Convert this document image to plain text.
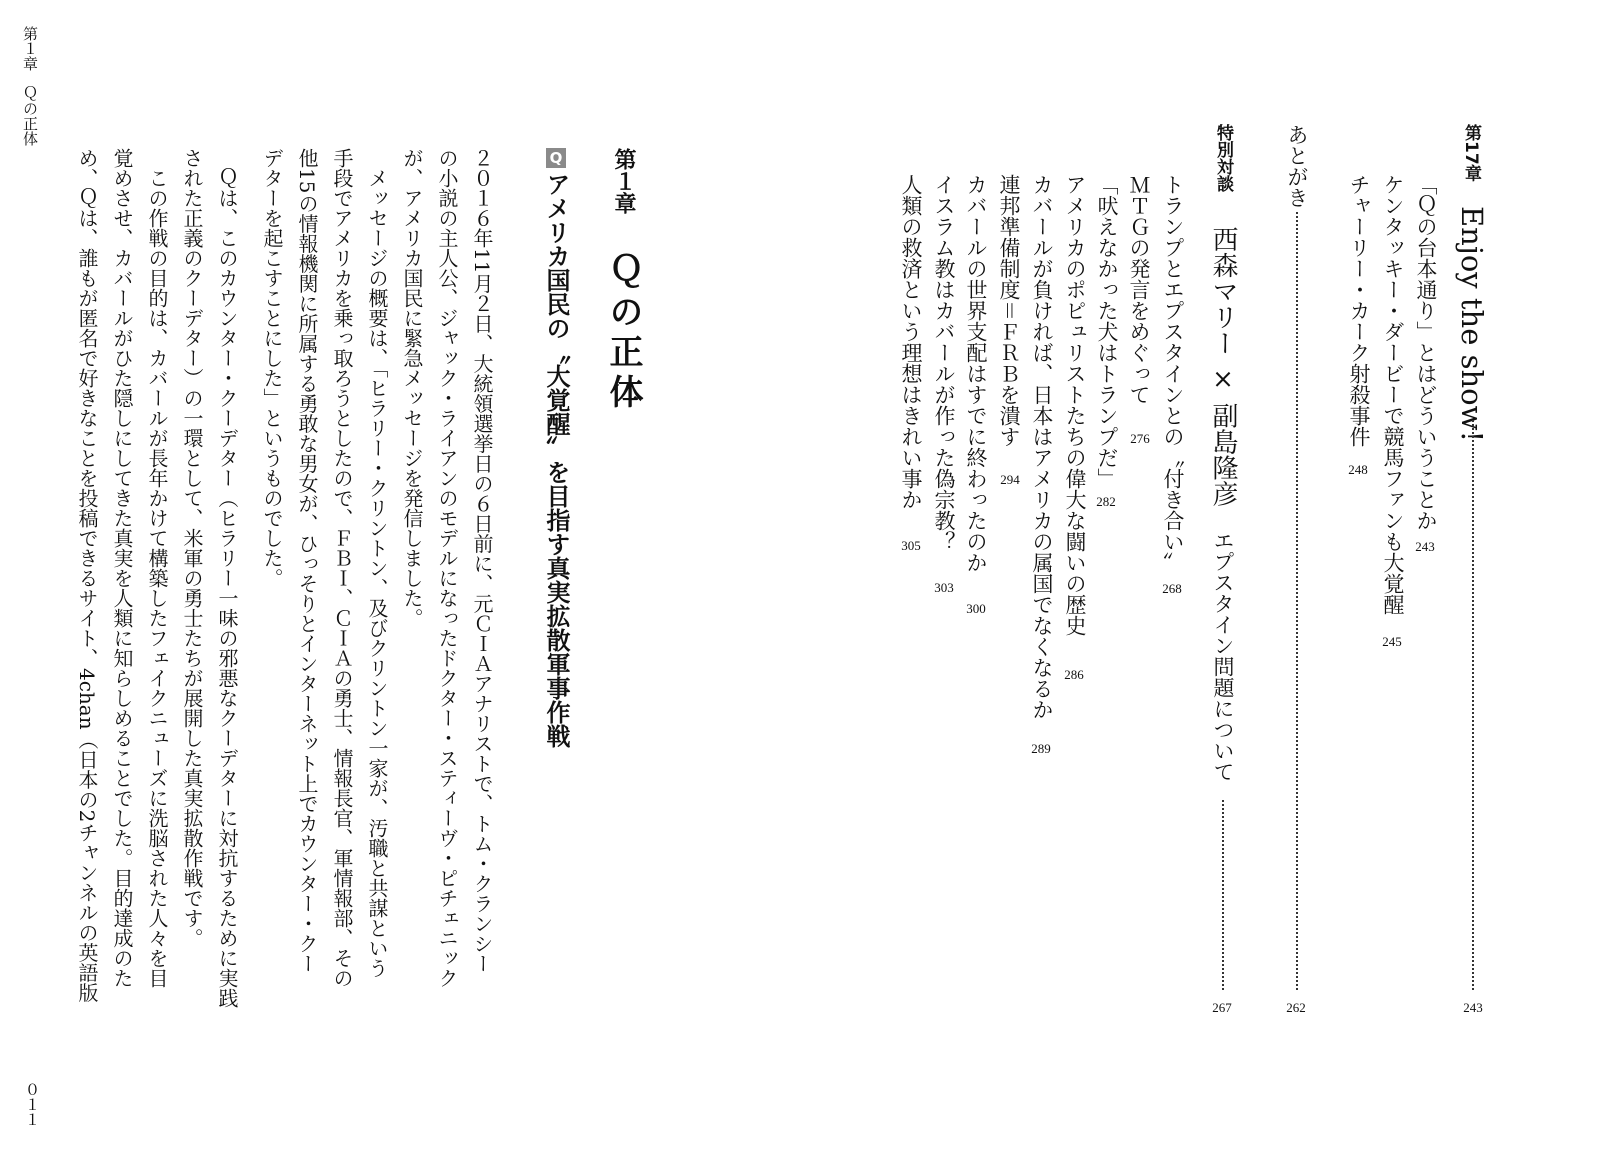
第１章　Ｑの正体
０１１
第１章
Ｑの正体
Q
アメリカ国民の〝大覚醒〟を目指す真実拡散軍事作戦
２０１６年11月２日、大統領選挙日の６日前に、元ＣＩＡアナリストで、トム・クランシー
の小説の主人公、ジャック・ライアンのモデルになったドクター・スティーヴ・ピチェニック
が、アメリカ国民に緊急メッセージを発信しました。
　メッセージの概要は、「ヒラリー・クリントン、及びクリントン一家が、汚職と共謀という
手段でアメリカを乗っ取ろうとしたので、ＦＢＩ、ＣＩＡの勇士、情報長官、軍情報部、その
他15の情報機関に所属する勇敢な男女が、ひっそりとインターネット上でカウンター・クー
デターを起こすことにした」というものでした。
　Ｑは、このカウンター・クーデター（ヒラリー一味の邪悪なクーデターに対抗するために実践
された正義のクーデター）の一環として、米軍の勇士たちが展開した真実拡散作戦です。
　この作戦の目的は、カバールが長年かけて構築したフェイクニューズに洗脳された人々を目
覚めさせ、カバールがひた隠しにしてきた真実を人類に知らしめることでした。目的達成のた
め、Ｑは、誰もが匿名で好きなことを投稿できるサイト、4chan（日本の2チャンネルの英語版	第17章
Enjoy the show!
243
「Ｑの台本通り」とはどういうことか
243
ケンタッキー・ダービーで競馬ファンも大覚醒
245
チャーリー・カーク射殺事件
248
あとがき
262
特別対談
西森マリー × 副島隆彦
エプスタイン問題について
267
トランプとエプスタインとの〝付き合い〟
268
ＭＴＧの発言をめぐって
276
「吠えなかった犬はトランプだ」
282
アメリカのポピュリストたちの偉大な闘いの歴史
286
カバールが負ければ、日本はアメリカの属国でなくなるか
289
連邦準備制度＝ＦＲＢを潰す
294
カバールの世界支配はすでに終わったのか
300
イスラム教はカバールが作った偽宗教？
303
人類の救済という理想はきれい事か
305
